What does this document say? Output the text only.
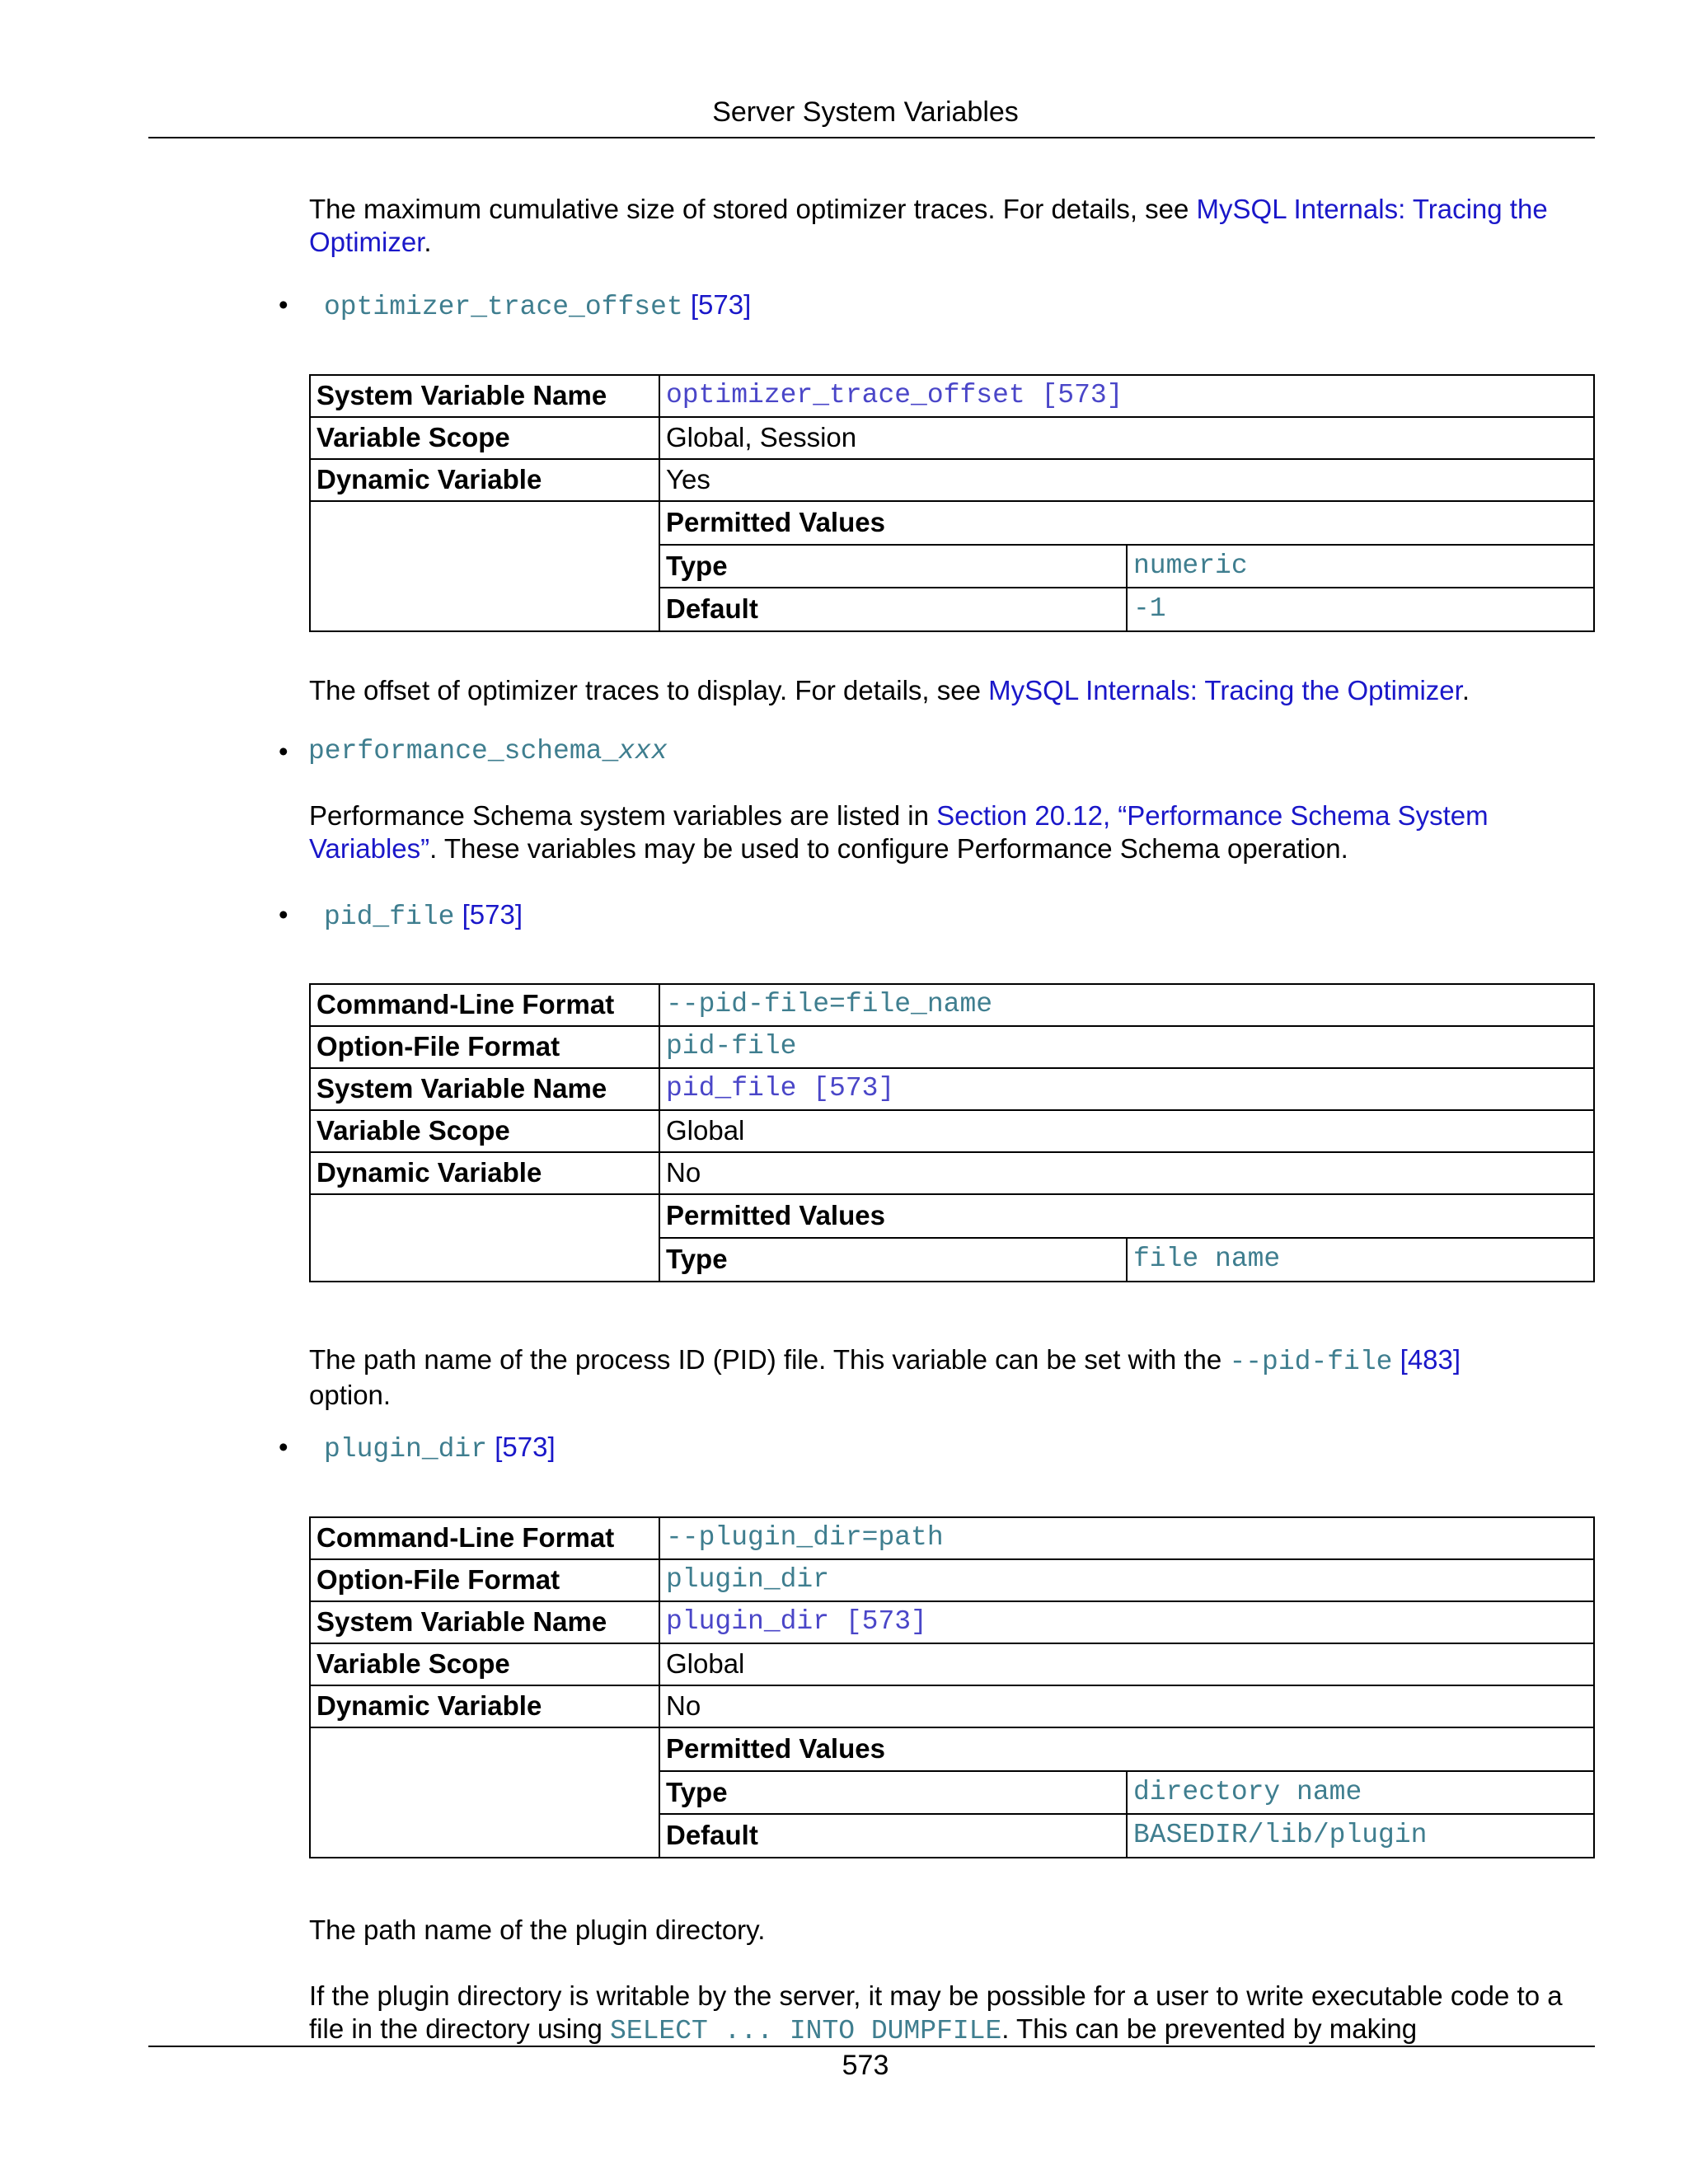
Server System Variables
The maximum cumulative size of stored optimizer traces. For details, see MySQL Internals: Tracing the Optimizer.
• optimizer_trace_offset [573]
System Variable Name	optimizer_trace_offset [573]
Variable Scope	Global, Session
Dynamic Variable	Yes

Permitted Values
Type	numeric
Default	-1
The offset of optimizer traces to display. For details, see MySQL Internals: Tracing the Optimizer.
• performance_schema_xxx
Performance Schema system variables are listed in Section 20.12, “Performance Schema System Variables”. These variables may be used to configure Performance Schema operation.
• pid_file [573]
Command-Line Format	--pid-file=file_name
Option-File Format	pid-file
System Variable Name	pid_file [573]
Variable Scope	Global
Dynamic Variable	No

Permitted Values
Type	file name
The path name of the process ID (PID) file. This variable can be set with the --pid-file [483]
option.
• plugin_dir [573]
Command-Line Format	--plugin_dir=path
Option-File Format	plugin_dir
System Variable Name	plugin_dir [573]
Variable Scope	Global
Dynamic Variable	No

Permitted Values
Type	directory name
Default	BASEDIR/lib/plugin
The path name of the plugin directory.
If the plugin directory is writable by the server, it may be possible for a user to write executable code to a file in the directory using SELECT ... INTO DUMPFILE. This can be prevented by making
573
